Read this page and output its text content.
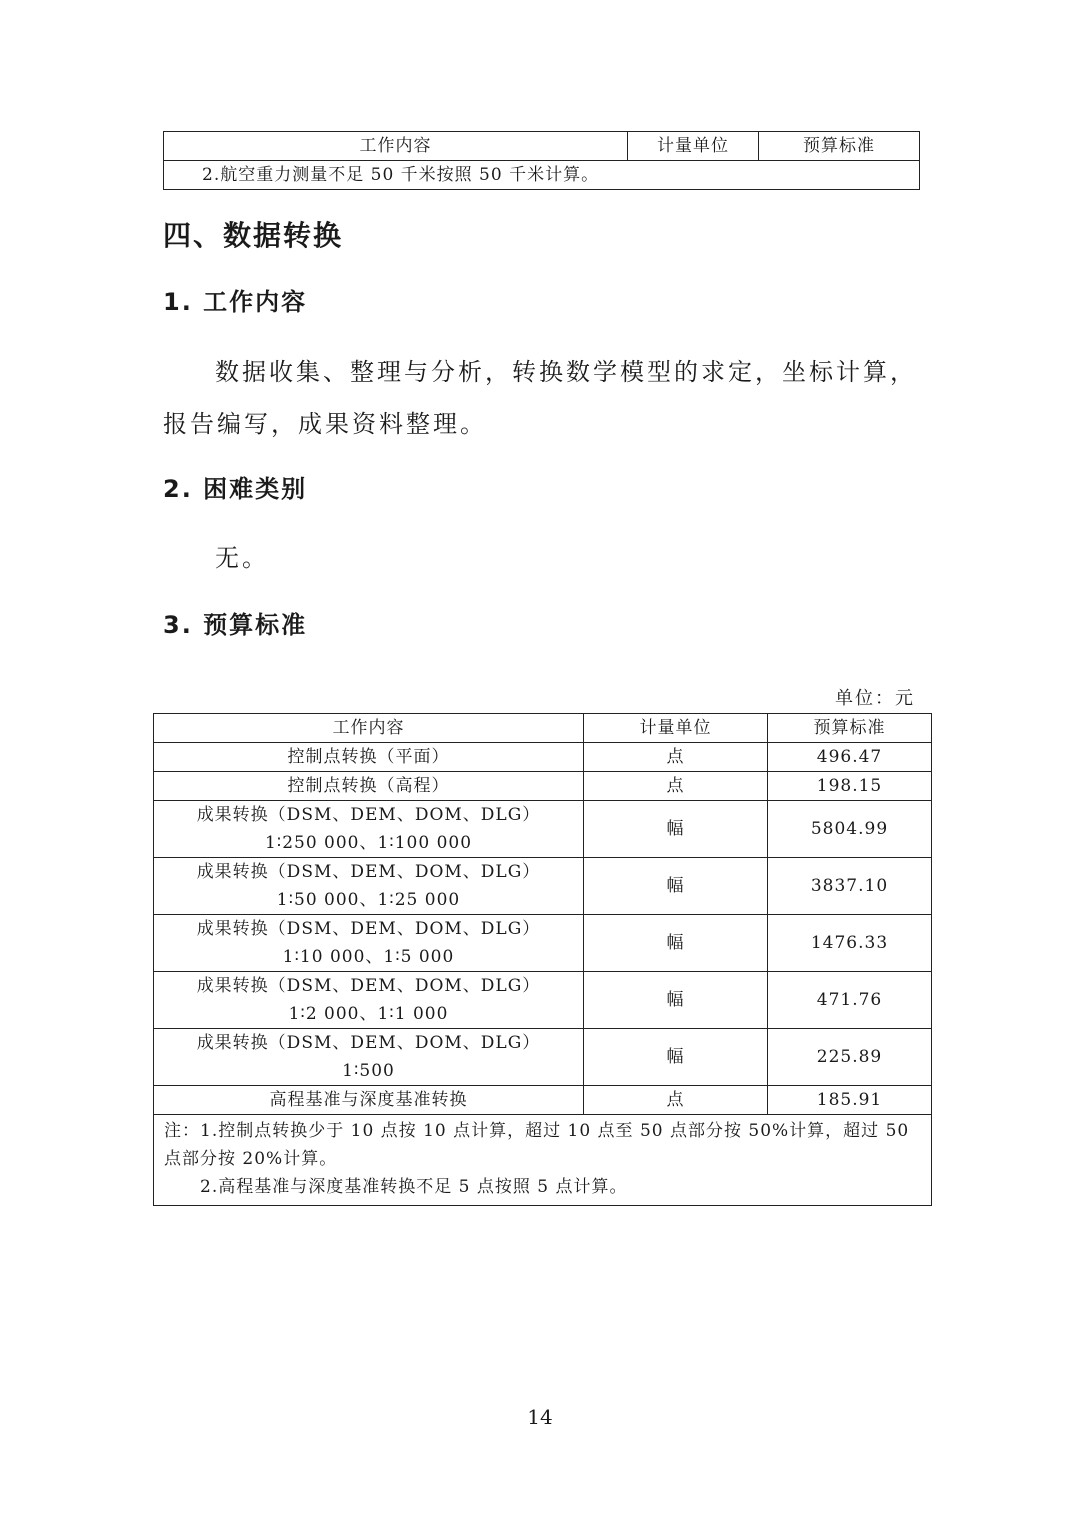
工作内容	计量单位	预算标准
2.航空重力测量不足 50 千米按照 50 千米计算。
四、数据转换
1. 工作内容
数据收集、整理与分析，转换数学模型的求定，坐标计算，报告编写，成果资料整理。
2. 困难类别
无。
3. 预算标准
单位：元
工作内容	计量单位	预算标准
控制点转换（平面）	点	496.47
控制点转换（高程）	点	198.15

成果转换（DSM、DEM、DOM、DLG）
1∶250 000、1∶100 000	幅	5804.99

成果转换（DSM、DEM、DOM、DLG）
1∶50 000、1∶25 000	幅	3837.10

成果转换（DSM、DEM、DOM、DLG）
1∶10 000、1∶5 000	幅	1476.33

成果转换（DSM、DEM、DOM、DLG）
1∶2 000、1∶1 000	幅	471.76

成果转换（DSM、DEM、DOM、DLG）
1∶500	幅	225.89
高程基准与深度基准转换	点	185.91
注：1.控制点转换少于 10 点按 10 点计算，超过 10 点至 50 点部分按 50%计算，超过 50 点部分按 20%计算。
2.高程基准与深度基准转换不足 5 点按照 5 点计算。		
14
